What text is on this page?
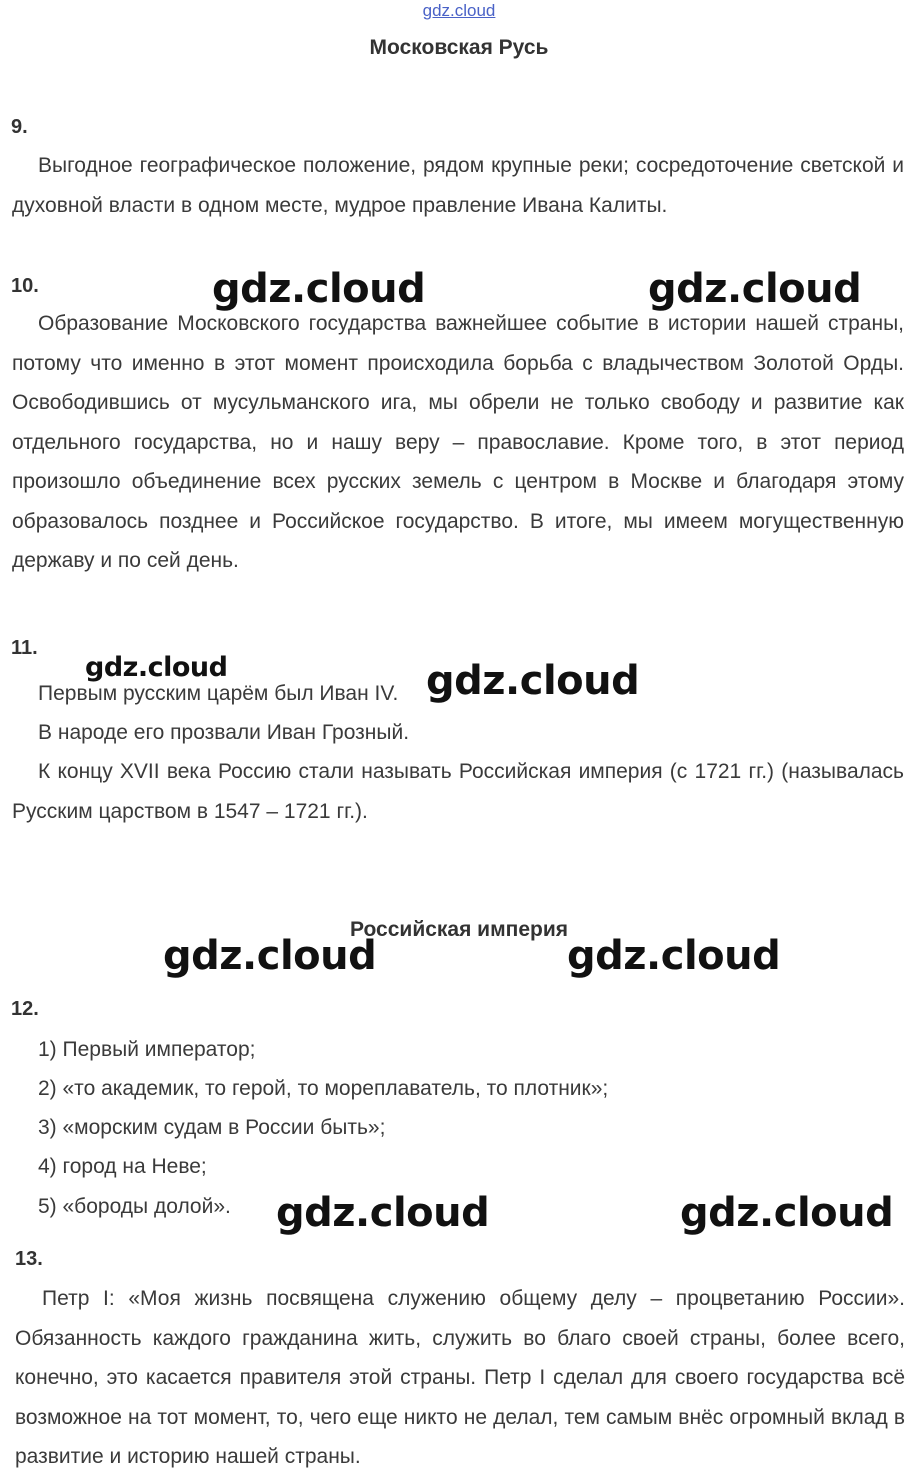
gdz.cloud
Московская Русь
9.

Выгодное географическое положение, рядом крупные реки; сосредоточение светской и духовной власти в одном месте, мудрое правление Ивана Калиты.

10.

Образование Московского государства важнейшее событие в истории нашей страны, потому что именно в этот момент происходила борьба с владычеством Золотой Орды. Освободившись от мусульманского ига, мы обрели не только свободу и развитие как отдельного государства, но и нашу веру – православие. Кроме того, в этот период произошло объединение всех русских земель с центром в Москве и благодаря этому образовалось позднее и Российское государство. В итоге, мы имеем могущественную державу и по сей день.

11.
Первым русским царём был Иван IV.
В народе его прозвали Иван Грозный.

К концу XVII века Россию стали называть Российская империя (с 1721 гг.) (называлась Русским царством в 1547 – 1721 гг.).

Российская империя
12.
1) Первый император;
2) «то академик, то герой, то мореплаватель, то плотник»;
3) «морским судам в России быть»;
4) город на Неве;
5) «бороды долой».
13.

Петр I: «Моя жизнь посвящена служению общему делу – процветанию России». Обязанность каждого гражданина жить, служить во благо своей страны, более всего, конечно, это касается правителя этой страны. Петр I сделал для своего государства всё возможное на тот момент, то, чего еще никто не делал, тем самым внёс огромный вклад в развитие и историю нашей страны.

gdz.cloud	gdz.cloud
gdz.cloud	gdz.cloud
gdz.cloud	gdz.cloud
gdz.cloud	gdz.cloud
